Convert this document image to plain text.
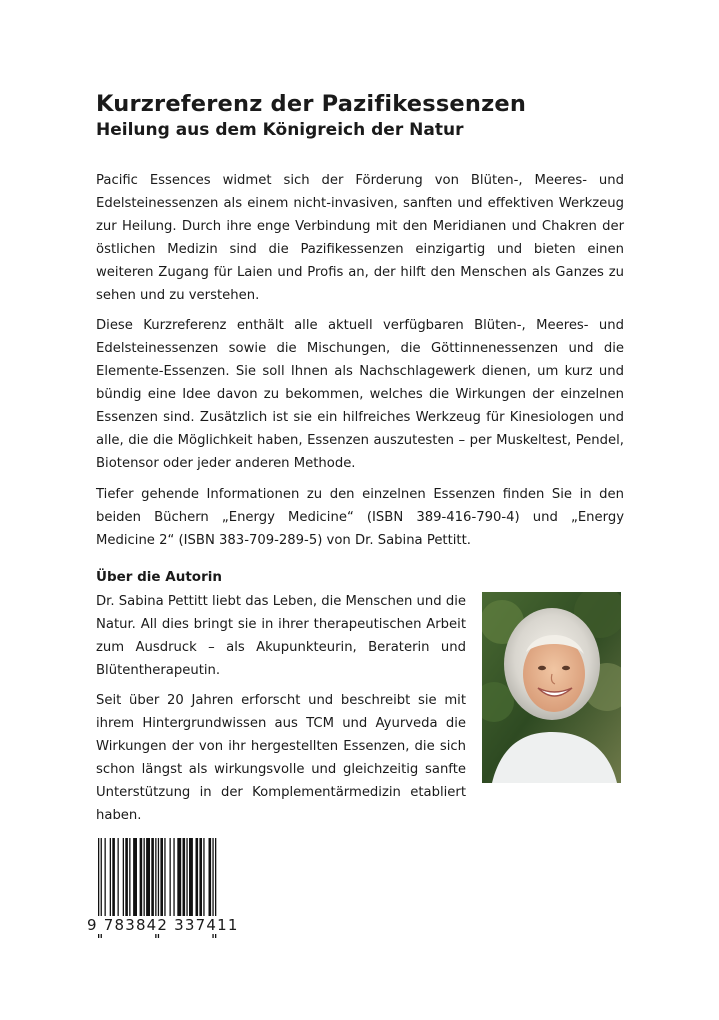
Kurzreferenz der Pazifikessenzen
Heilung aus dem Königreich der Natur

Pacific Essences widmet sich der Förderung von Blüten-, Meeres- und Edelsteinessenzen als einem nicht-invasiven, sanften und effektiven Werkzeug zur Heilung. Durch ihre enge Verbindung mit den Meridianen und Chakren der östlichen Medizin sind die Pazifikessenzen einzigartig und bieten einen weiteren Zugang für Laien und Profis an, der hilft den Menschen als Ganzes zu sehen und zu verstehen.

Diese Kurzreferenz enthält alle aktuell verfügbaren Blüten-, Meeres- und Edelsteinessenzen sowie die Mischungen, die Göttinnenessenzen und die Elemente-Essenzen. Sie soll Ihnen als Nachschlagewerk dienen, um kurz und bündig eine Idee davon zu bekommen, welches die Wirkungen der einzelnen Essenzen sind. Zusätzlich ist sie ein hilfreiches Werkzeug für Kinesiologen und alle, die die Möglichkeit haben, Essenzen auszutesten – per Muskeltest, Pendel, Biotensor oder jeder anderen Methode.

Tiefer gehende Informationen zu den einzelnen Essenzen finden Sie in den beiden Büchern „Energy Medicine“ (ISBN 389-416-790-4) und „Energy Medicine 2“ (ISBN 383-709-289-5) von Dr. Sabina Pettitt.

Über die Autorin

Dr. Sabina Pettitt liebt das Leben, die Menschen und die Natur. All dies bringt sie in ihrer therapeutischen Arbeit zum Ausdruck – als Akupunkteurin, Beraterin und Blütentherapeutin.

Seit über 20 Jahren erforscht und beschreibt sie mit ihrem Hintergrundwissen aus TCM und Ayurveda die Wirkungen der von ihr hergestellten Essenzen, die sich schon längst als wirkungsvolle und gleichzeitig sanfte Unterstützung in der Komplementärmedizin etabliert haben.

9 783842 337411
